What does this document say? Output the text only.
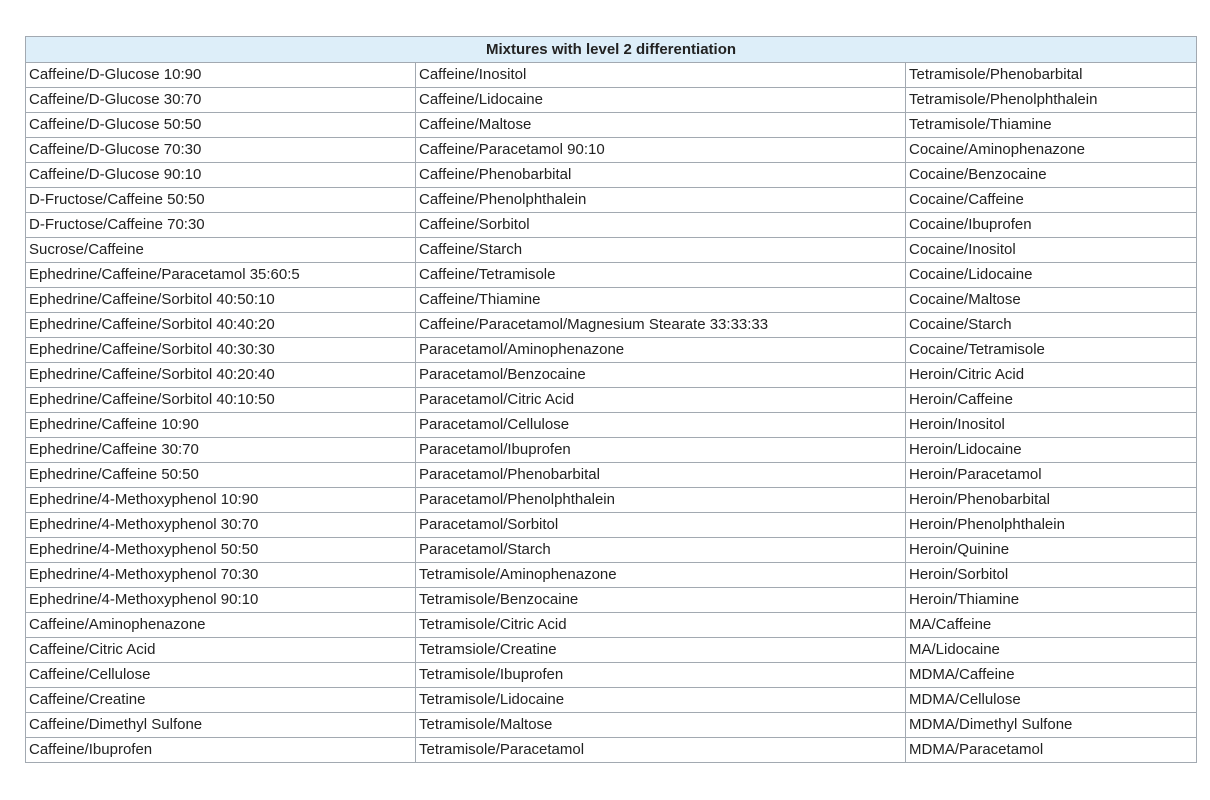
Mixtures with level 2 differentiation		
Caffeine/D-Glucose 10:90	Caffeine/Inositol	Tetramisole/Phenobarbital
Caffeine/D-Glucose 30:70	Caffeine/Lidocaine	Tetramisole/Phenolphthalein
Caffeine/D-Glucose 50:50	Caffeine/Maltose	Tetramisole/Thiamine
Caffeine/D-Glucose 70:30	Caffeine/Paracetamol 90:10	Cocaine/Aminophenazone
Caffeine/D-Glucose 90:10	Caffeine/Phenobarbital	Cocaine/Benzocaine
D-Fructose/Caffeine 50:50	Caffeine/Phenolphthalein	Cocaine/Caffeine
D-Fructose/Caffeine 70:30	Caffeine/Sorbitol	Cocaine/Ibuprofen
Sucrose/Caffeine	Caffeine/Starch	Cocaine/Inositol
Ephedrine/Caffeine/Paracetamol 35:60:5	Caffeine/Tetramisole	Cocaine/Lidocaine
Ephedrine/Caffeine/Sorbitol 40:50:10	Caffeine/Thiamine	Cocaine/Maltose
Ephedrine/Caffeine/Sorbitol 40:40:20	Caffeine/Paracetamol/Magnesium Stearate 33:33:33	Cocaine/Starch
Ephedrine/Caffeine/Sorbitol 40:30:30	Paracetamol/Aminophenazone	Cocaine/Tetramisole
Ephedrine/Caffeine/Sorbitol 40:20:40	Paracetamol/Benzocaine	Heroin/Citric Acid
Ephedrine/Caffeine/Sorbitol 40:10:50	Paracetamol/Citric Acid	Heroin/Caffeine
Ephedrine/Caffeine 10:90	Paracetamol/Cellulose	Heroin/Inositol
Ephedrine/Caffeine 30:70	Paracetamol/Ibuprofen	Heroin/Lidocaine
Ephedrine/Caffeine 50:50	Paracetamol/Phenobarbital	Heroin/Paracetamol
Ephedrine/4-Methoxyphenol 10:90	Paracetamol/Phenolphthalein	Heroin/Phenobarbital
Ephedrine/4-Methoxyphenol 30:70	Paracetamol/Sorbitol	Heroin/Phenolphthalein
Ephedrine/4-Methoxyphenol 50:50	Paracetamol/Starch	Heroin/Quinine
Ephedrine/4-Methoxyphenol 70:30	Tetramisole/Aminophenazone	Heroin/Sorbitol
Ephedrine/4-Methoxyphenol 90:10	Tetramisole/Benzocaine	Heroin/Thiamine
Caffeine/Aminophenazone	Tetramisole/Citric Acid	MA/Caffeine
Caffeine/Citric Acid	Tetramsiole/Creatine	MA/Lidocaine
Caffeine/Cellulose	Tetramisole/Ibuprofen	MDMA/Caffeine
Caffeine/Creatine	Tetramisole/Lidocaine	MDMA/Cellulose
Caffeine/Dimethyl Sulfone	Tetramisole/Maltose	MDMA/Dimethyl Sulfone
Caffeine/Ibuprofen	Tetramisole/Paracetamol	MDMA/Paracetamol
